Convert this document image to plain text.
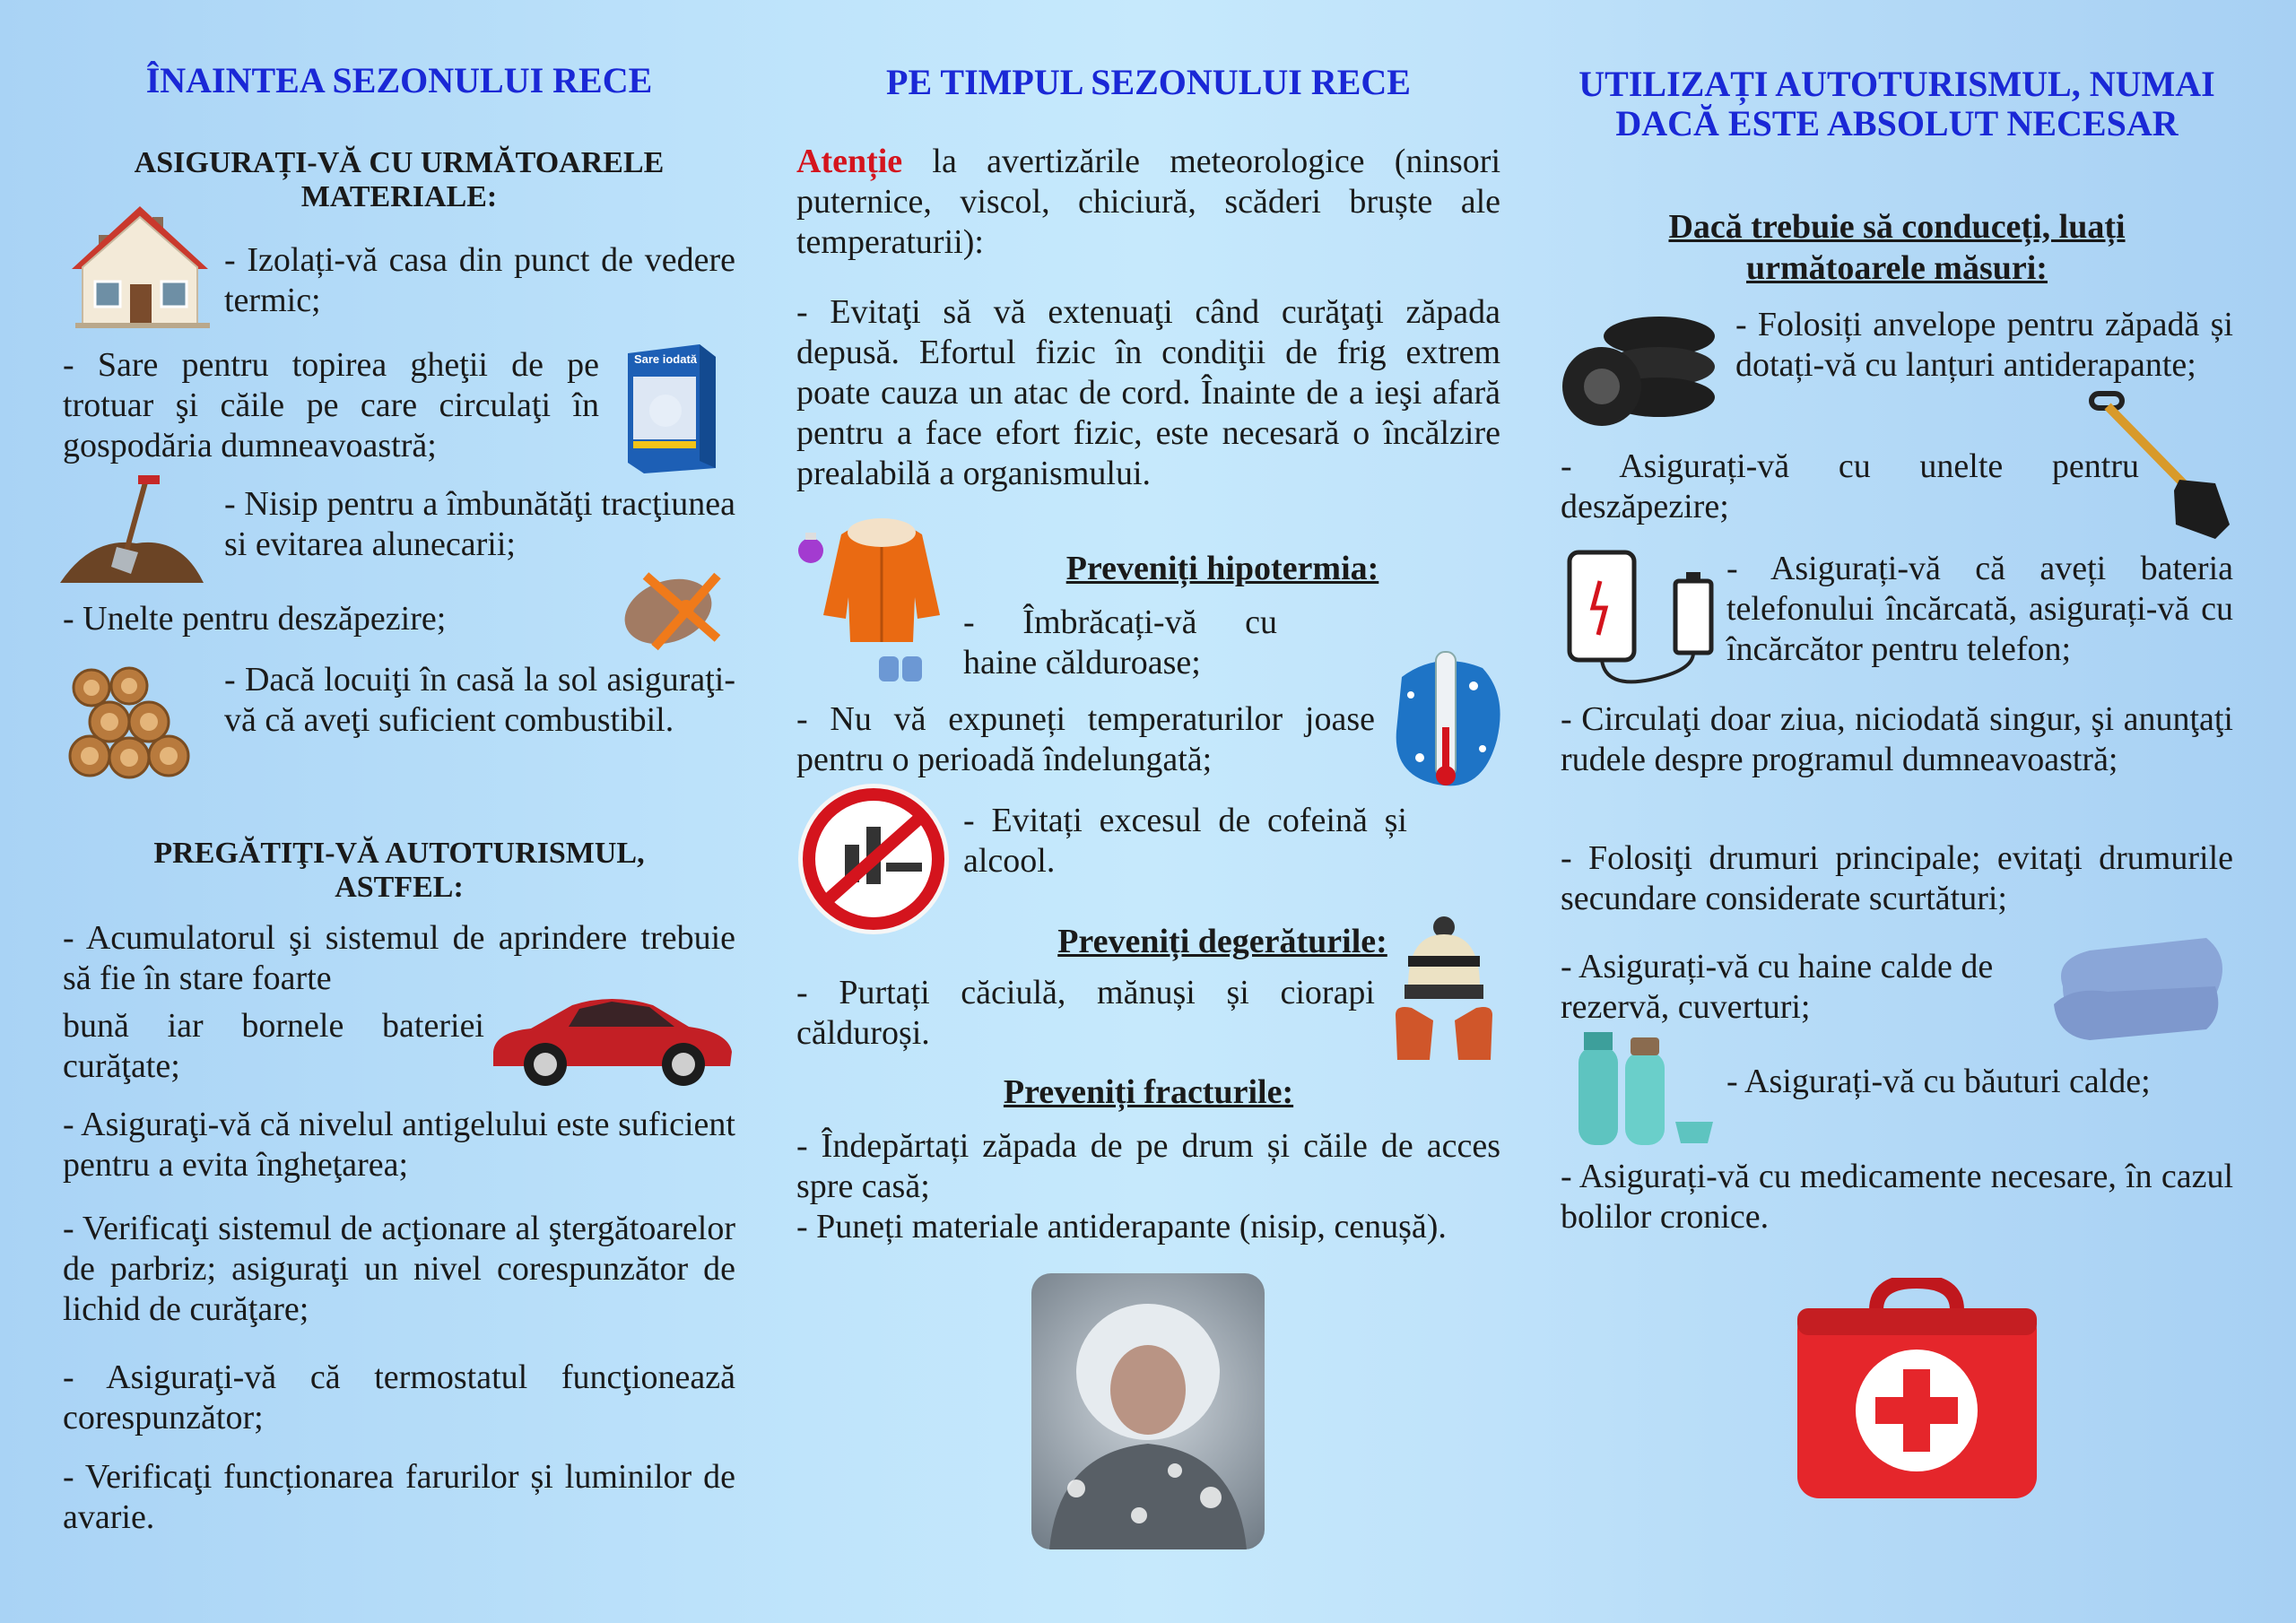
ÎNAINTEA SEZONULUI RECE
ASIGURAȚI-VĂ CU URMĂTOARELE MATERIALE:
- Izolați-vă casa din punct de vedere termic;
- Sare pentru topirea gheţii de pe trotuar şi căile pe care circulaţi în gospodăria dumneavoastră;
Sare iodată
- Nisip pentru a îmbunătăţi tracţiunea si evitarea alunecarii;
- Unelte pentru deszăpezire;
- Dacă locuiţi în casă la sol asiguraţi-vă că aveţi suficient combustibil.
PREGĂTIŢI-VĂ AUTOTURISMUL, ASTFEL:
- Acumulatorul şi sistemul de aprindere trebuie să fie în stare foarte
bună iar bornele bateriei curăţate;
- Asiguraţi-vă că nivelul antigelului este suficient pentru a evita îngheţarea;
- Verificaţi sistemul de acţionare al ştergătoarelor de parbriz; asiguraţi un nivel corespunzător de lichid de curăţare;
- Asiguraţi-vă că termostatul funcţionează corespunzător;
- Verificaţi funcționarea farurilor și luminilor de avarie.
PE TIMPUL SEZONULUI RECE
Atenție la avertizările meteorologice (ninsori puternice, viscol, chiciură, scăderi bruște ale temperaturii):
- Evitaţi să vă extenuaţi când curăţaţi zăpada depusă. Efortul fizic în condiţii de frig extrem poate cauza un atac de cord. Înainte de a ieşi afară pentru a face efort fizic, este necesară o încălzire prealabilă a organismului.
Preveniți hipotermia:
- Îmbrăcați-vă cu haine călduroase;
- Nu vă expuneți temperaturilor joase pentru o perioadă îndelungată;
- Evitați excesul de cofeină și alcool.
Preveniți degerăturile:
- Purtați căciulă, mănuși și ciorapi călduroși.
Preveniți fracturile:
- Îndepărtați zăpada de pe drum și căile de acces spre casă;
- Puneți materiale antiderapante (nisip, cenușă).
UTILIZAȚI AUTOTURISMUL, NUMAI DACĂ ESTE ABSOLUT NECESAR
Dacă trebuie să conduceți, luați următoarele măsuri:
- Folosiți anvelope pentru zăpadă și dotați-vă cu lanțuri antiderapante;
- Asigurați-vă cu unelte pentru deszăpezire;
- Asigurați-vă că aveți bateria telefonului încărcată, asigurați-vă cu încărcător pentru telefon;
- Circulaţi doar ziua, niciodată singur, şi anunţaţi rudele despre programul dumneavoastră;
- Folosiţi drumuri principale; evitaţi drumurile secundare considerate scurtături;
- Asigurați-vă cu haine calde de rezervă, cuverturi;
- Asigurați-vă cu băuturi calde;
- Asigurați-vă cu medicamente necesare, în cazul bolilor cronice.
